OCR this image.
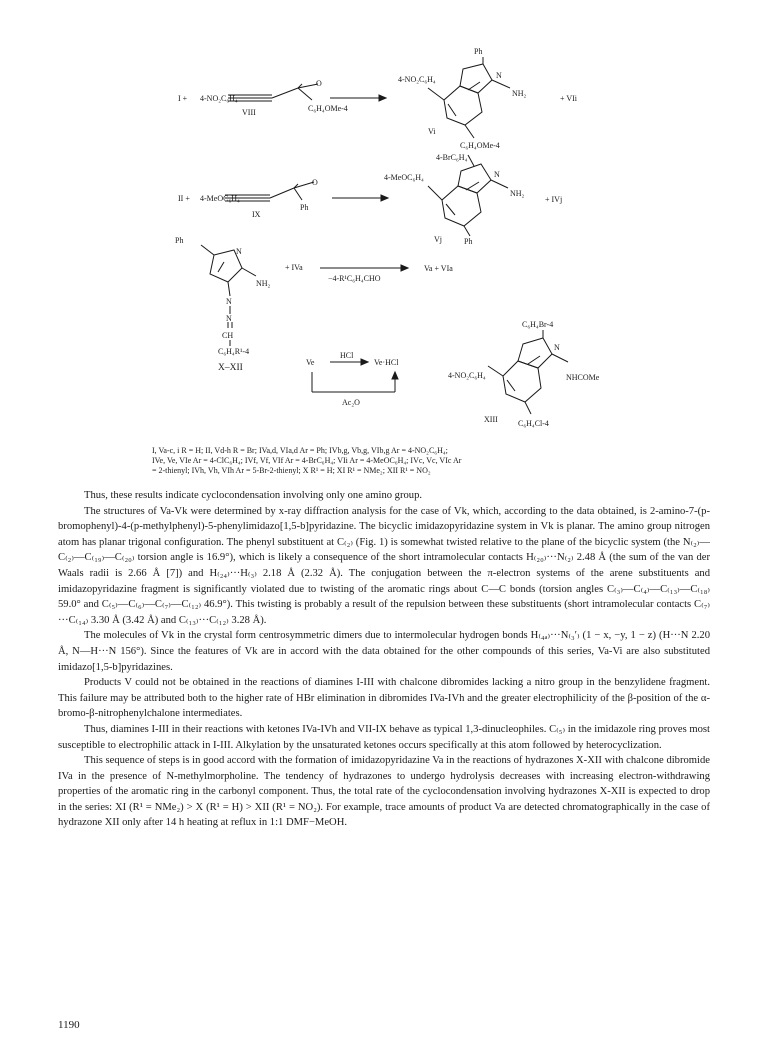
I + 4-NO₂C₆H₄
O
C₆H₄OMe-4
VIII
Ph
4-NO₂C₆H₄	N
NH₂
+ VIi
Vi
C₆H₄OMe-4
4-BrC₆H₄
II + 4-MeOC₆H₄
O
Ph
IX
4-MeOC₆H₄	N
NH₂
+ IVj
Vj	Ph
Ph
N
NH₂
+ IVa
−4-R¹C₆H₄CHO
Va + VIa
N
N
CH
C₆H₄R¹-4
X–XII
Ve
HCl
Ve·HCl
Ac₂O
C₆H₄Br-4
4-NO₂C₆H₄
N
NHCOMe
XIII	C₆H₄Cl-4
I, Va-c, i R = H; II, Vd-h R = Br; IVa,d, VIa,d Ar = Ph; IVb,g, Vb,g, VIb,g Ar = 4-NO₂C₆H₄;
IVe, Ve, VIe Ar = 4-ClC₆H₄; IVf, Vf, VIf Ar = 4-BrC₆H₄; VIi Ar = 4-MeOC₆H₄; IVc, Vc, VIc Ar
= 2-thienyl; IVh, Vh, VIh Ar = 5-Br-2-thienyl; X R¹ = H; XI R¹ = NMe₂; XII R¹ = NO₂

Thus, these results indicate cyclocondensation involving only one amino group.

The structures of Va-Vk were determined by x-ray diffraction analysis for the case of Vk, which, according to the data obtained, is 2-amino-7-(p-bromophenyl)-4-(p-methylphenyl)-5-phenylimidazo[1,5-b]pyridazine. The bicyclic imidazopyridazine system in Vk is planar. The amino group nitrogen atom has planar trigonal configuration. The phenyl substituent at C₍₂₎ (Fig. 1) is somewhat twisted relative to the plane of the bicyclic system (the N₍₂₎—C₍₂₎—C₍₁₉₎—C₍₂₀₎ torsion angle is 16.9°), which is likely a consequence of the short intramolecular contacts H₍₂₀₎···N₍₂₎ 2.48 Å (the sum of the van der Waals radii is 2.66 Å [7]) and H₍₂₄₎···H₍₃₎ 2.18 Å (2.32 Å). The conjugation between the π-electron systems of the arene substituents and imidazopyridazine fragment is significantly violated due to twisting of the aromatic rings about C—C bonds (torsion angles C₍₃₎—C₍₄₎—C₍₁₃₎—C₍₁₈₎ 59.0° and C₍₅₎—C₍₆₎—C₍₇₎—C₍₁₂₎ 46.9°). This twisting is probably a result of the repulsion between these substituents (short intramolecular contacts C₍₇₎···C₍₁₄₎ 3.30 Å (3.42 Å) and C₍₁₃₎···C₍₁₂₎ 3.28 Å).

The molecules of Vk in the crystal form centrosymmetric dimers due to intermolecular hydrogen bonds H₍₄ₐ₎···N₍₃′₎ (1 − x, −y, 1 − z) (H···N 2.20 Å, N—H···N 156°). Since the features of Vk are in accord with the data obtained for the other compounds of this series, Va-Vi are also substituted imidazo[1,5-b]pyridazines.

Products V could not be obtained in the reactions of diamines I-III with chalcone dibromides lacking a nitro group in the benzylidene fragment. This failure may be attributed both to the higher rate of HBr elimination in dibromides IVa-IVh and the greater electrophilicity of the β-position of the α-bromo-β-nitrophenylchalone intermediates.

Thus, diamines I-III in their reactions with ketones IVa-IVh and VII-IX behave as typical 1,3-dinucleophiles. C₍₅₎ in the imidazole ring proves most susceptible to electrophilic attack in I-III. Alkylation by the unsaturated ketones occurs specifically at this atom followed by heterocyclization.

This sequence of steps is in good accord with the formation of imidazopyridazine Va in the reactions of hydrazones X-XII with chalcone dibromide IVa in the presence of N-methylmorpholine. The tendency of hydrazones to undergo hydrolysis decreases with increasing electron-withdrawing properties of the aromatic ring in the carbonyl component. Thus, the total rate of the cyclocondensation involving hydrazones X-XII is expected to drop in the series: XI (R¹ = NMe₂) > X (R¹ = H) > XII (R¹ = NO₂). For example, trace amounts of product Va are detected chromatographically in the case of hydrazone XII only after 14 h heating at reflux in 1:1 DMF−MeOH.

1190
